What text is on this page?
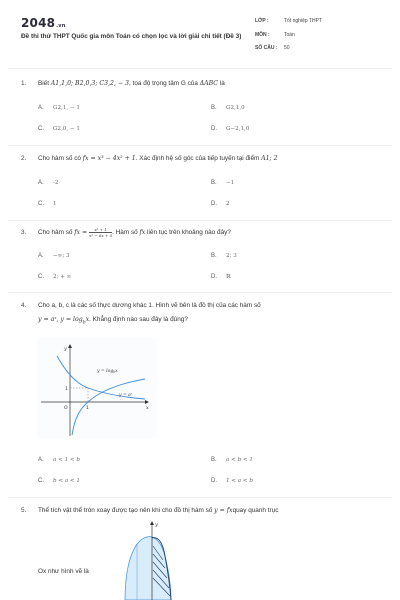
2048.vn
Đề thi thử THPT Quốc gia môn Toán có chọn lọc và lời giải chi tiết (Đề 3)
LỚP :	Tốt nghiệp THPT
MÔN :	Toán
SỐ CÂU : 50
1. Biết A1,1,0; B2,0,3; C3,2, − 3, tọa độ trọng tâm G của ΔABC là
A. G2,1, − 1	B. G2,1,0
C. G2,0, − 1	D. G−2,1,0
2. Cho hàm số có fx = x³ − 4x² + 1. Xác định hệ số góc của tiếp tuyến tại điểm A1; 2
A. -2	B. −1
C. 1	D. 2
3. Cho hàm số fx = $\frac{\text{x² + 1}}{\text{x² − 6x + 5}}$ . Hàm số fx liên tục trên khoảng nào đây?
A. −∞; 3	B. 2; 3
C. 2; + ∞	D. ℝ
4. Cho a, b, c là các số thực dương khác 1. Hình vẽ bên là đồ thị của các hàm số
y = aˣ, $y = \log_bx$. Khẳng định nào sau đây là đúng?
y
x
O	1
1
$y = \log_bx$
y = aˣ
A. a < 1 < b	B. a < b < 1
C. b < a < 1	D. 1 < a < b
5. Thể tích vật thể tròn xoay được tạo nên khi cho đồ thị hàm số y = fxquay quanh trục
Ox như hình vẽ là
y
